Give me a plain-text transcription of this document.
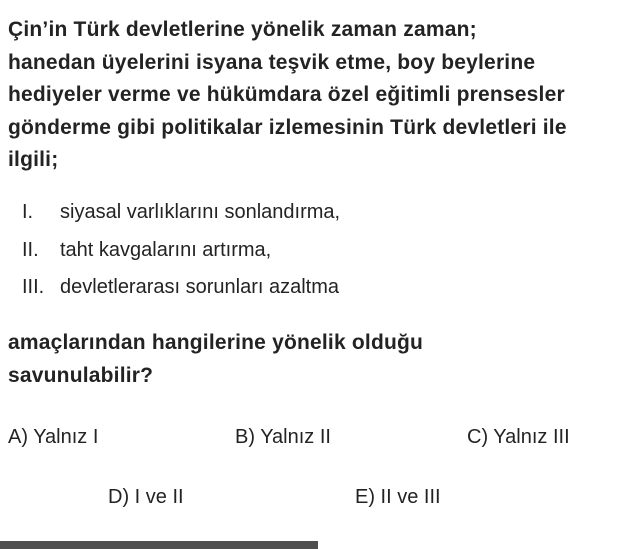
Çin’in Türk devletlerine yönelik zaman zaman;
hanedan üyelerini isyana teşvik etme, boy beylerine
hediyeler verme ve hükümdara özel eğitimli prensesler
gönderme gibi politikalar izlemesinin Türk devletleri ile
ilgili;
I.	siyasal varlıklarını sonlandırma,
II.	taht kavgalarını artırma,
III. devletlerarası sorunları azaltma
amaçlarından hangilerine yönelik olduğu
savunulabilir?
A) Yalnız I	B) Yalnız II	C) Yalnız III
D) I ve II	E) II ve III
